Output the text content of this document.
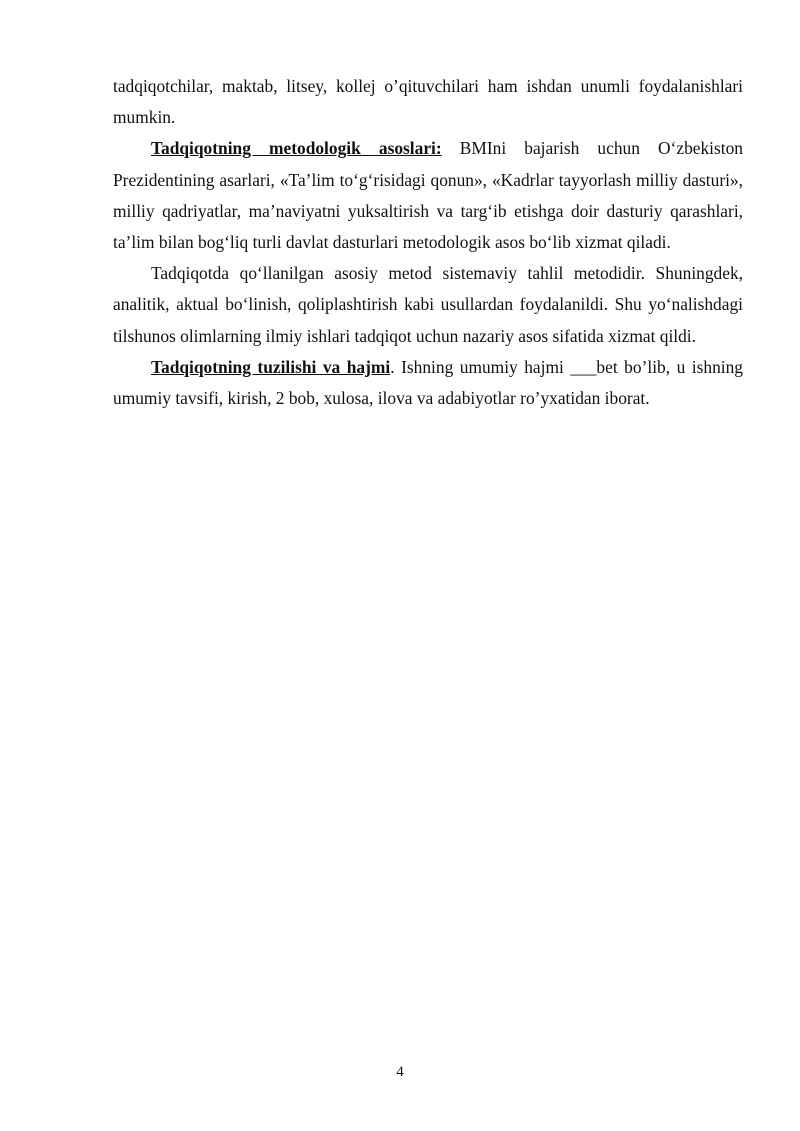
tadqiqotchilar, maktab, litsey, kollej o’qituvchilari ham ishdan unumli foydalanishlari mumkin.

Tadqiqotning metodologik asoslari: BMIni bajarish uchun O‘zbekiston Prezidentining asarlari, «Ta’lim to‘g‘risidagi qonun», «Kadrlar tayyorlash milliy dasturi», milliy qadriyatlar, ma’naviyatni yuksaltirish va targ‘ib etishga doir dasturiy qarashlari, ta’lim bilan bog‘liq turli davlat dasturlari metodologik asos bo‘lib xizmat qiladi.

Tadqiqotda qo‘llanilgan asosiy metod sistemaviy tahlil metodidir. Shuningdek, analitik, aktual bo‘linish, qoliplashtirish kabi usullardan foydalanildi. Shu yo‘nalishdagi tilshunos olimlarning ilmiy ishlari tadqiqot uchun nazariy asos sifatida xizmat qildi.

Tadqiqotning tuzilishi va hajmi. Ishning umumiy hajmi ___bet bo’lib, u ishning umumiy tavsifi, kirish, 2 bob, xulosa, ilova va adabiyotlar ro’yxatidan iborat.

4
